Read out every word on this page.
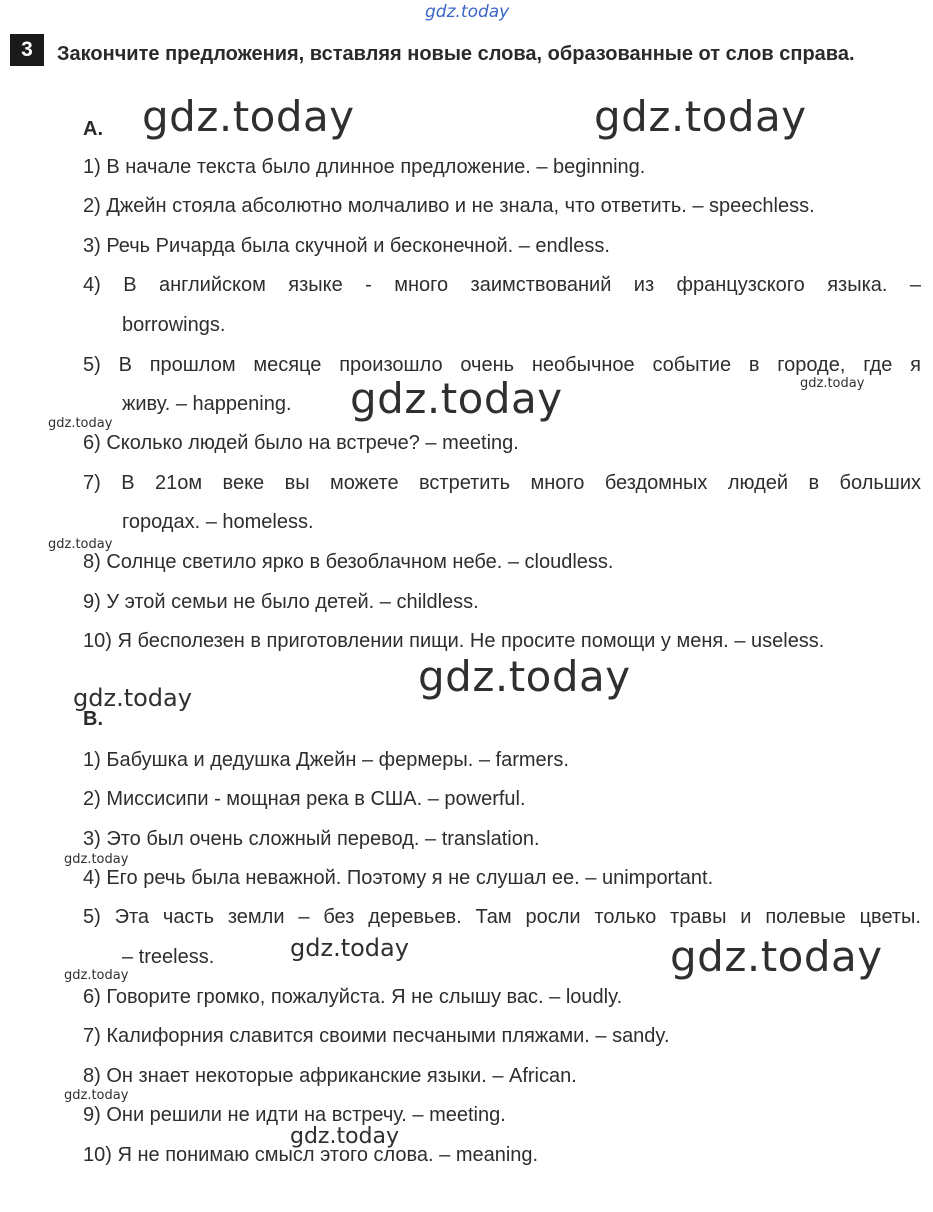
gdz.today
3	Закончите предложения, вставляя новые слова, образованные от слов справа.
A.
1) В начале текста было длинное предложение. – beginning.
2) Джейн стояла абсолютно молчаливо и не знала, что ответить. – speechless.
3) Речь Ричарда была скучной и бесконечной. – endless.
4) В английском языке - много заимствований из французского языка. –
borrowings.
5) В прошлом месяце произошло очень необычное событие в городе, где я
живу. – happening.
6) Сколько людей было на встрече? – meeting.
7) В 21ом веке вы можете встретить много бездомных людей в больших
городах. – homeless.
8) Солнце светило ярко в безоблачном небе. – cloudless.
9) У этой семьи не было детей. – childless.
10) Я бесполезен в приготовлении пищи. Не просите помощи у меня. – useless.
B.
1) Бабушка и дедушка Джейн – фермеры. – farmers.
2) Миссисипи - мощная река в США. – powerful.
3) Это был очень сложный перевод. – translation.
4) Его речь была неважной. Поэтому я не слушал ее. – unimportant.
5) Эта часть земли – без деревьев. Там росли только травы и полевые цветы.
– treeless.
6) Говорите громко, пожалуйста. Я не слышу вас. – loudly.
7) Калифорния славится своими песчаными пляжами. – sandy.
8) Он знает некоторые африканские языки. – African.
9) Они решили не идти на встречу. – meeting.
10) Я не понимаю смысл этого слова. – meaning.
gdz.today	gdz.today
gdz.today
gdz.today
gdz.today
gdz.today
gdz.today
gdz.today
gdz.today
gdz.today	gdz.today
gdz.today
gdz.today
gdz.today
